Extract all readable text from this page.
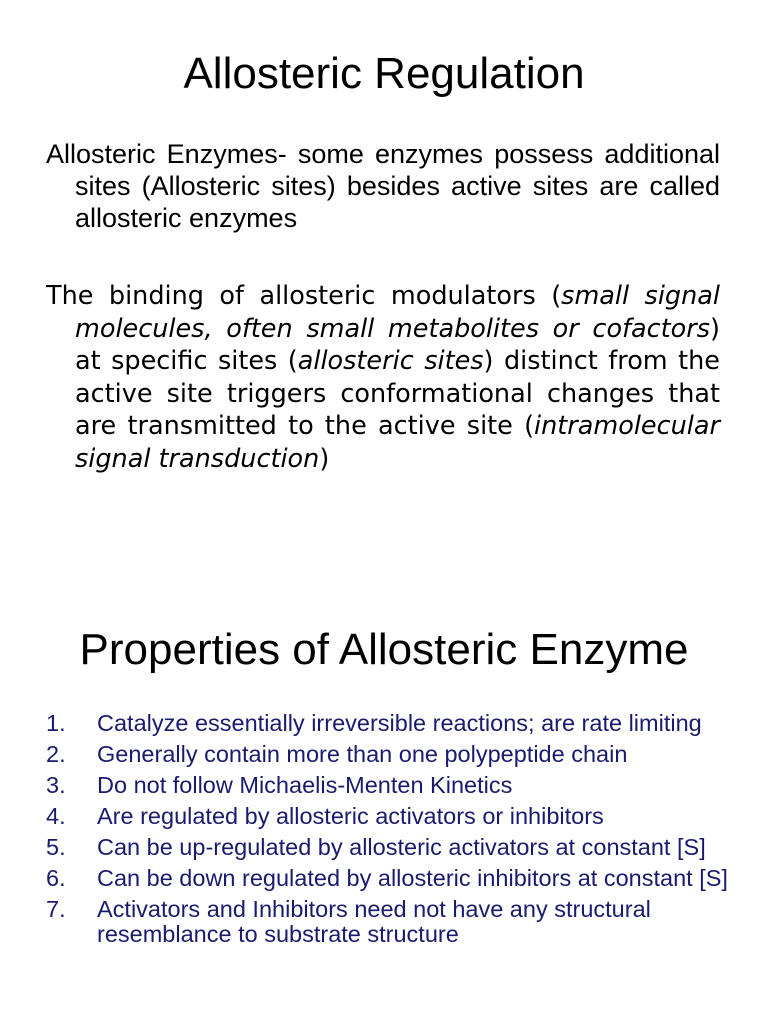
Allosteric Regulation

Allosteric Enzymes- some enzymes possess additional sites (Allosteric sites) besides active sites are called allosteric enzymes

The binding of allosteric modulators (small signal molecules, often small metabolites or cofactors) at specific sites (allosteric sites) distinct from the active site triggers conformational changes that are transmitted to the active site (intramolecular signal transduction)

Properties of Allosteric Enzyme
1.	Catalyze essentially irreversible reactions; are rate limiting
2.	Generally contain more than one polypeptide chain
3.	Do not follow Michaelis-Menten Kinetics
4.	Are regulated by allosteric activators or inhibitors
5.	Can be up-regulated by allosteric activators at constant [S]
6.	Can be down regulated by allosteric inhibitors at constant [S]
7.	Activators and Inhibitors need not have any structural resemblance to substrate structure
